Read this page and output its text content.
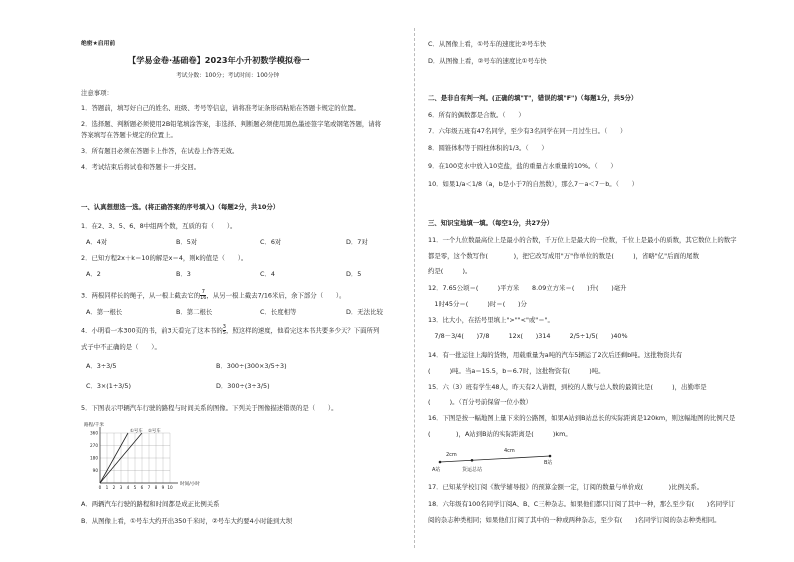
绝密★启用前
【学易金卷·基础卷】2023年小升初数学模拟卷一
考试分数：100分；考试时间：100分钟
注意事项：
1．答题前，填写好自己的姓名、班级、考号等信息，请将准考证条形码粘贴在答题卡规定的位置。
2．选择题、判断题必须使用2B铅笔填涂答案，非选择、判断题必须使用黑色墨迹签字笔或钢笔答题，请将
答案填写在答题卡规定的位置上。
3．所有题目必须在答题卡上作答，在试卷上作答无效。
4．考试结束后将试卷和答题卡一并交回。
一、认真想想选一选。(将正确答案的序号填入)（每题2分，共10分）
1．在2、3、5、6、8中组两个数，互质的有（　　）。
A．4对	B．5对	C．6对	D．7对
2．已知方程2x＋k＝10的解是x＝4，则k的值是（　　）。
A．2	B．3	C．4	D．5
3．两根同样长的绳子，从一根上截去它的 $\frac{7}{16}$ ，从另一根上截去7/16米后，余下部分（　　）。
A．第一根长	B．第二根长	C．长度相等	D．无法比较
4．小明看一本300页的书，前3天看完了这本书的 $\frac{3}{5}$ ，照这样的速度，他看完这本书共要多少天？下面所列
式子中不正确的是（　　）。
A．3÷3/5	B．300÷(300×3/5÷3)
C．3×(1÷3/5)	D．300÷(3÷3/5)
5．下图表示甲辆汽车行驶的路程与时间关系的图像。下列关于图像描述错误的是（　　）。
0 1 2 3 4 5 6 7 8 9 10
90
180
270
360
路程/千米
时间/小时
①号车 ②号车
A．两辆汽车行驶的路程和时间都是成正比例关系
B．从图像上看，①号车大约开出350千米时，②号车大约要4小时能到大坝
C．从图像上看，①号车的速度比②号车快
D．从图像上看，②号车的速度比①号车快
二、是非自有判一判。(正确的填"T"，错误的填"F")（每题1分，共5分）
6．所有的偶数都是合数。（　　）
7．六年级五班有47名同学，至少有3名同学在同一月过生日。（　　）
8．圆锥体积等于圆柱体积的1/3。（　　）
9．在100克水中放入10克盐，盐的重量占水重量的10%。（　　）
10．如果1/a＜1/8（a，b是小于7的自然数），那么7－a＜7－b。（　　）
三、知识宝地填一填。（每空1分，共27分）
11．一个九位数最高位上是最小的合数，千万位上是最大的一位数，千位上是最小的质数，其它数位上的数字
都是零，这个数写作(　　　　)，把它改写成用"万"作单位的数是(　　　)，省略"亿"后面的尾数
约是(　　　)。
12．7.65公顷＝(　　　)平方米　　8.09立方米＝(　　)升(　　)毫升
　1时45分＝(　　　)时＝(　　)分
13．比大小，在括号里填上">""<"或"＝"。
　7/8－3/4(　　)7/8　　　12x(　　)314　　　2/5÷1/5(　　)40%
14．有一批运往上海的货物，用载重量为a吨的汽车5辆运了2次后还剩b吨。这批物资共有
(　　　)吨。当a＝15.5，b＝6.7时，这批物资有(　　　)吨。
15．六（3）班有学生48人，昨天有2人请假，到校的人数与总人数的最简比是(　　　)，出勤率是
(　　　)。（百分号前保留一位小数）
16．下图是按一幅地图上量下来的公路图，如果A站到B站总长的实际距离是120km，则这幅地图的比例尺是
(　　　　)，A站到B站的实际距离是(　　　)km。
2cm
4cm
A站
B站
货运总站
17．已知某学校订阅《数学辅导报》的预算金额一定，订阅的数量与单价成(　　　　)比例关系。
18．六年级有100名同学订阅A、B、C三种杂志。如果他们都只订阅了其中一种，那么至少有(　　)名同学订
阅的杂志种类相同；如果他们订阅了其中的一种或两种杂志，至少有(　　)名同学订阅的杂志种类相同。
